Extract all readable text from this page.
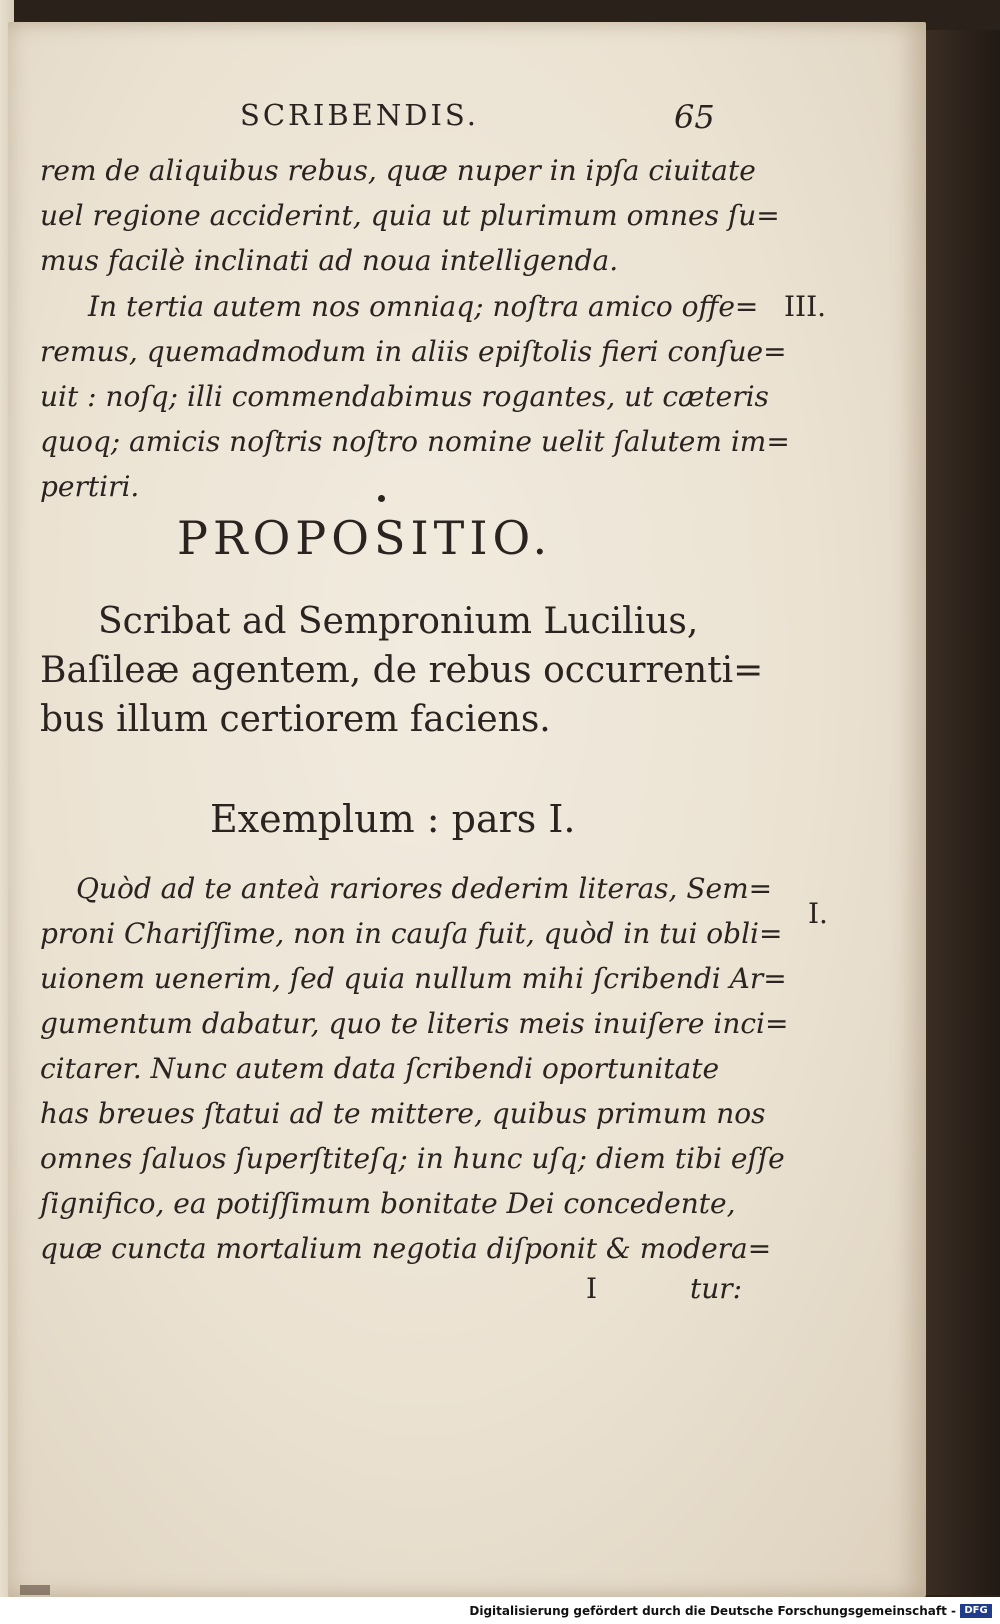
SCRIBENDIS.	65
rem de aliquibus rebus, quæ nuper in ipſa ciuitate
uel regione acciderint, quia ut plurimum omnes ſu=
mus facilè inclinati ad noua intelligenda.
In tertia autem nos omniaq; noſtra amico offe=
remus, quemadmodum in aliis epiſtolis fieri conſue=
uit : noſq; illi commendabimus rogantes, ut cæteris
quoq; amicis noſtris noſtro nomine uelit ſalutem im=
pertiri.
III.
PROPOSITIO.
Scribat ad Sempronium Lucilius,
Baſileæ agentem, de rebus occurrenti=
bus illum certiorem faciens.
Exemplum : pars I.
Quòd ad te anteà rariores dederim literas, Sem=
proni Chariſſime, non in cauſa fuit, quòd in tui obli=
uionem uenerim, ſed quia nullum mihi ſcribendi Ar=
gumentum dabatur, quo te literis meis inuiſere inci=
citarer. Nunc autem data ſcribendi oportunitate
has breues ſtatui ad te mittere, quibus primum nos
omnes ſaluos ſuperſtiteſq; in hunc uſq; diem tibi eſſe
ſignifico, ea potiſſimum bonitate Dei concedente,
quæ cuncta mortalium negotia diſponit & modera=
I.
I	tur:
Digitalisierung gefördert durch die Deutsche Forschungsgemeinschaft - DFG
